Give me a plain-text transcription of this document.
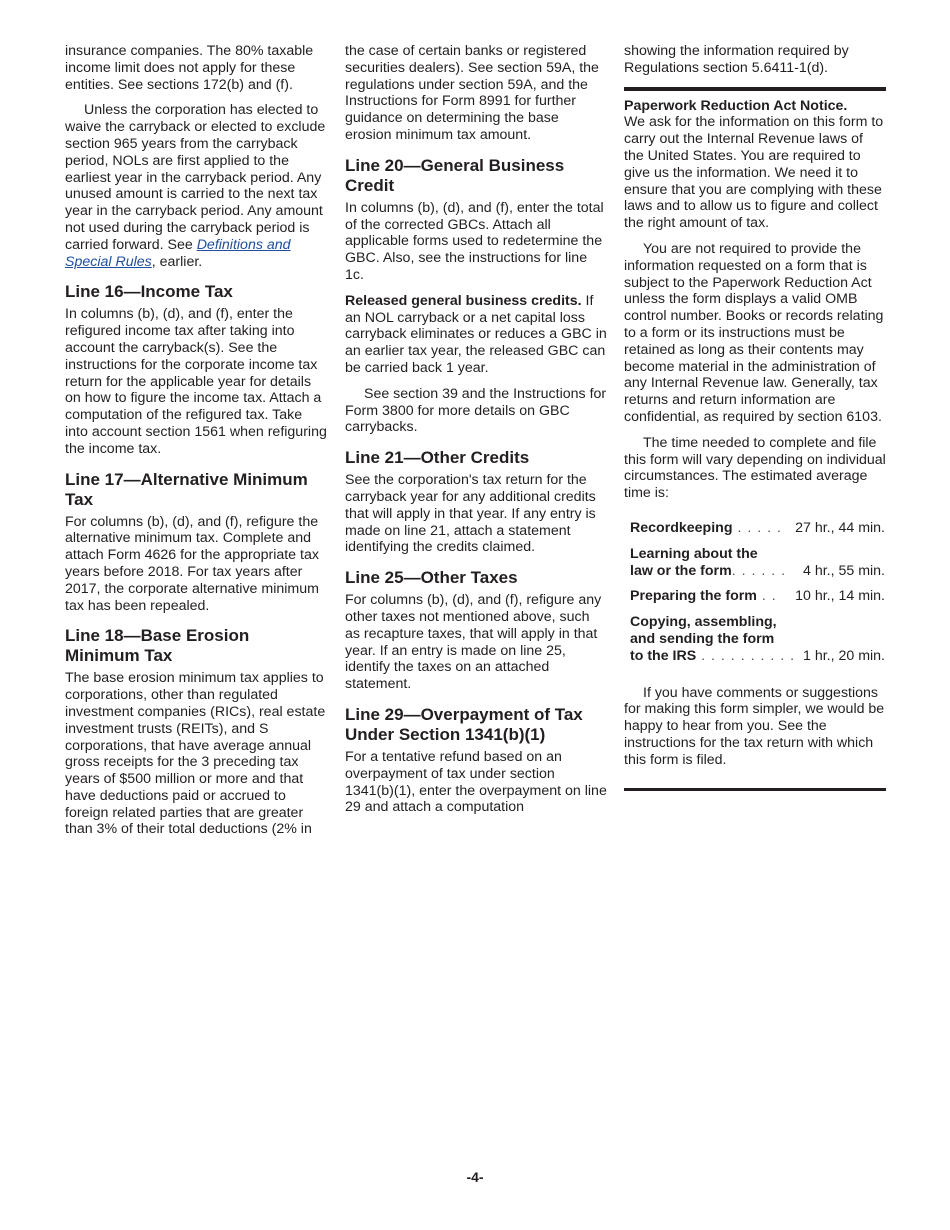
insurance companies. The 80% taxable income limit does not apply for these entities. See sections 172(b) and (f).

Unless the corporation has elected to waive the carryback or elected to exclude section 965 years from the carryback period, NOLs are first applied to the earliest year in the carryback period. Any unused amount is carried to the next tax year in the carryback period. Any amount not used during the carryback period is carried forward. See Definitions and Special Rules, earlier.

Line 16—Income Tax

In columns (b), (d), and (f), enter the refigured income tax after taking into account the carryback(s). See the instructions for the corporate income tax return for the applicable year for details on how to figure the income tax. Attach a computation of the refigured tax. Take into account section 1561 when refiguring the income tax.

Line 17—Alternative Minimum Tax

For columns (b), (d), and (f), refigure the alternative minimum tax. Complete and attach Form 4626 for the appropriate tax years before 2018. For tax years after 2017, the corporate alternative minimum tax has been repealed.

Line 18—Base Erosion Minimum Tax

The base erosion minimum tax applies to corporations, other than regulated investment companies (RICs), real estate investment trusts (REITs), and S corporations, that have average annual gross receipts for the 3 preceding tax years of $500 million or more and that have deductions paid or accrued to foreign related parties that are greater than 3% of their total deductions (2% in

the case of certain banks or registered securities dealers). See section 59A, the regulations under section 59A, and the Instructions for Form 8991 for further guidance on determining the base erosion minimum tax amount.

Line 20—General Business Credit

In columns (b), (d), and (f), enter the total of the corrected GBCs. Attach all applicable forms used to redetermine the GBC. Also, see the instructions for line 1c.

Released general business credits. If an NOL carryback or a net capital loss carryback eliminates or reduces a GBC in an earlier tax year, the released GBC can be carried back 1 year.

See section 39 and the Instructions for Form 3800 for more details on GBC carrybacks.

Line 21—Other Credits

See the corporation's tax return for the carryback year for any additional credits that will apply in that year. If any entry is made on line 21, attach a statement identifying the credits claimed.

Line 25—Other Taxes

For columns (b), (d), and (f), refigure any other taxes not mentioned above, such as recapture taxes, that will apply in that year. If an entry is made on line 25, identify the taxes on an attached statement.

Line 29—Overpayment of Tax Under Section 1341(b)(1)

For a tentative refund based on an overpayment of tax under section 1341(b)(1), enter the overpayment on line 29 and attach a computation

showing the information required by Regulations section 5.6411-1(d).

Paperwork Reduction Act Notice.
We ask for the information on this form to carry out the Internal Revenue laws of the United States. You are required to give us the information. We need it to ensure that you are complying with these laws and to allow us to figure and collect the right amount of tax.

You are not required to provide the information requested on a form that is subject to the Paperwork Reduction Act unless the form displays a valid OMB control number. Books or records relating to a form or its instructions must be retained as long as their contents may become material in the administration of any Internal Revenue law. Generally, tax returns and return information are confidential, as required by section 6103.

The time needed to complete and file this form will vary depending on individual circumstances. The estimated average time is:

Recordkeeping . . . . . 27 hr., 44 min.
Learning about the
law or the form. . . . . .	4 hr., 55 min.
Preparing the form . .	10 hr., 14 min.
Copying, assembling,
and sending the form
to the IRS . . . . . . . . . . 1 hr., 20 min.

If you have comments or suggestions for making this form simpler, we would be happy to hear from you. See the instructions for the tax return with which this form is filed.

-4-
